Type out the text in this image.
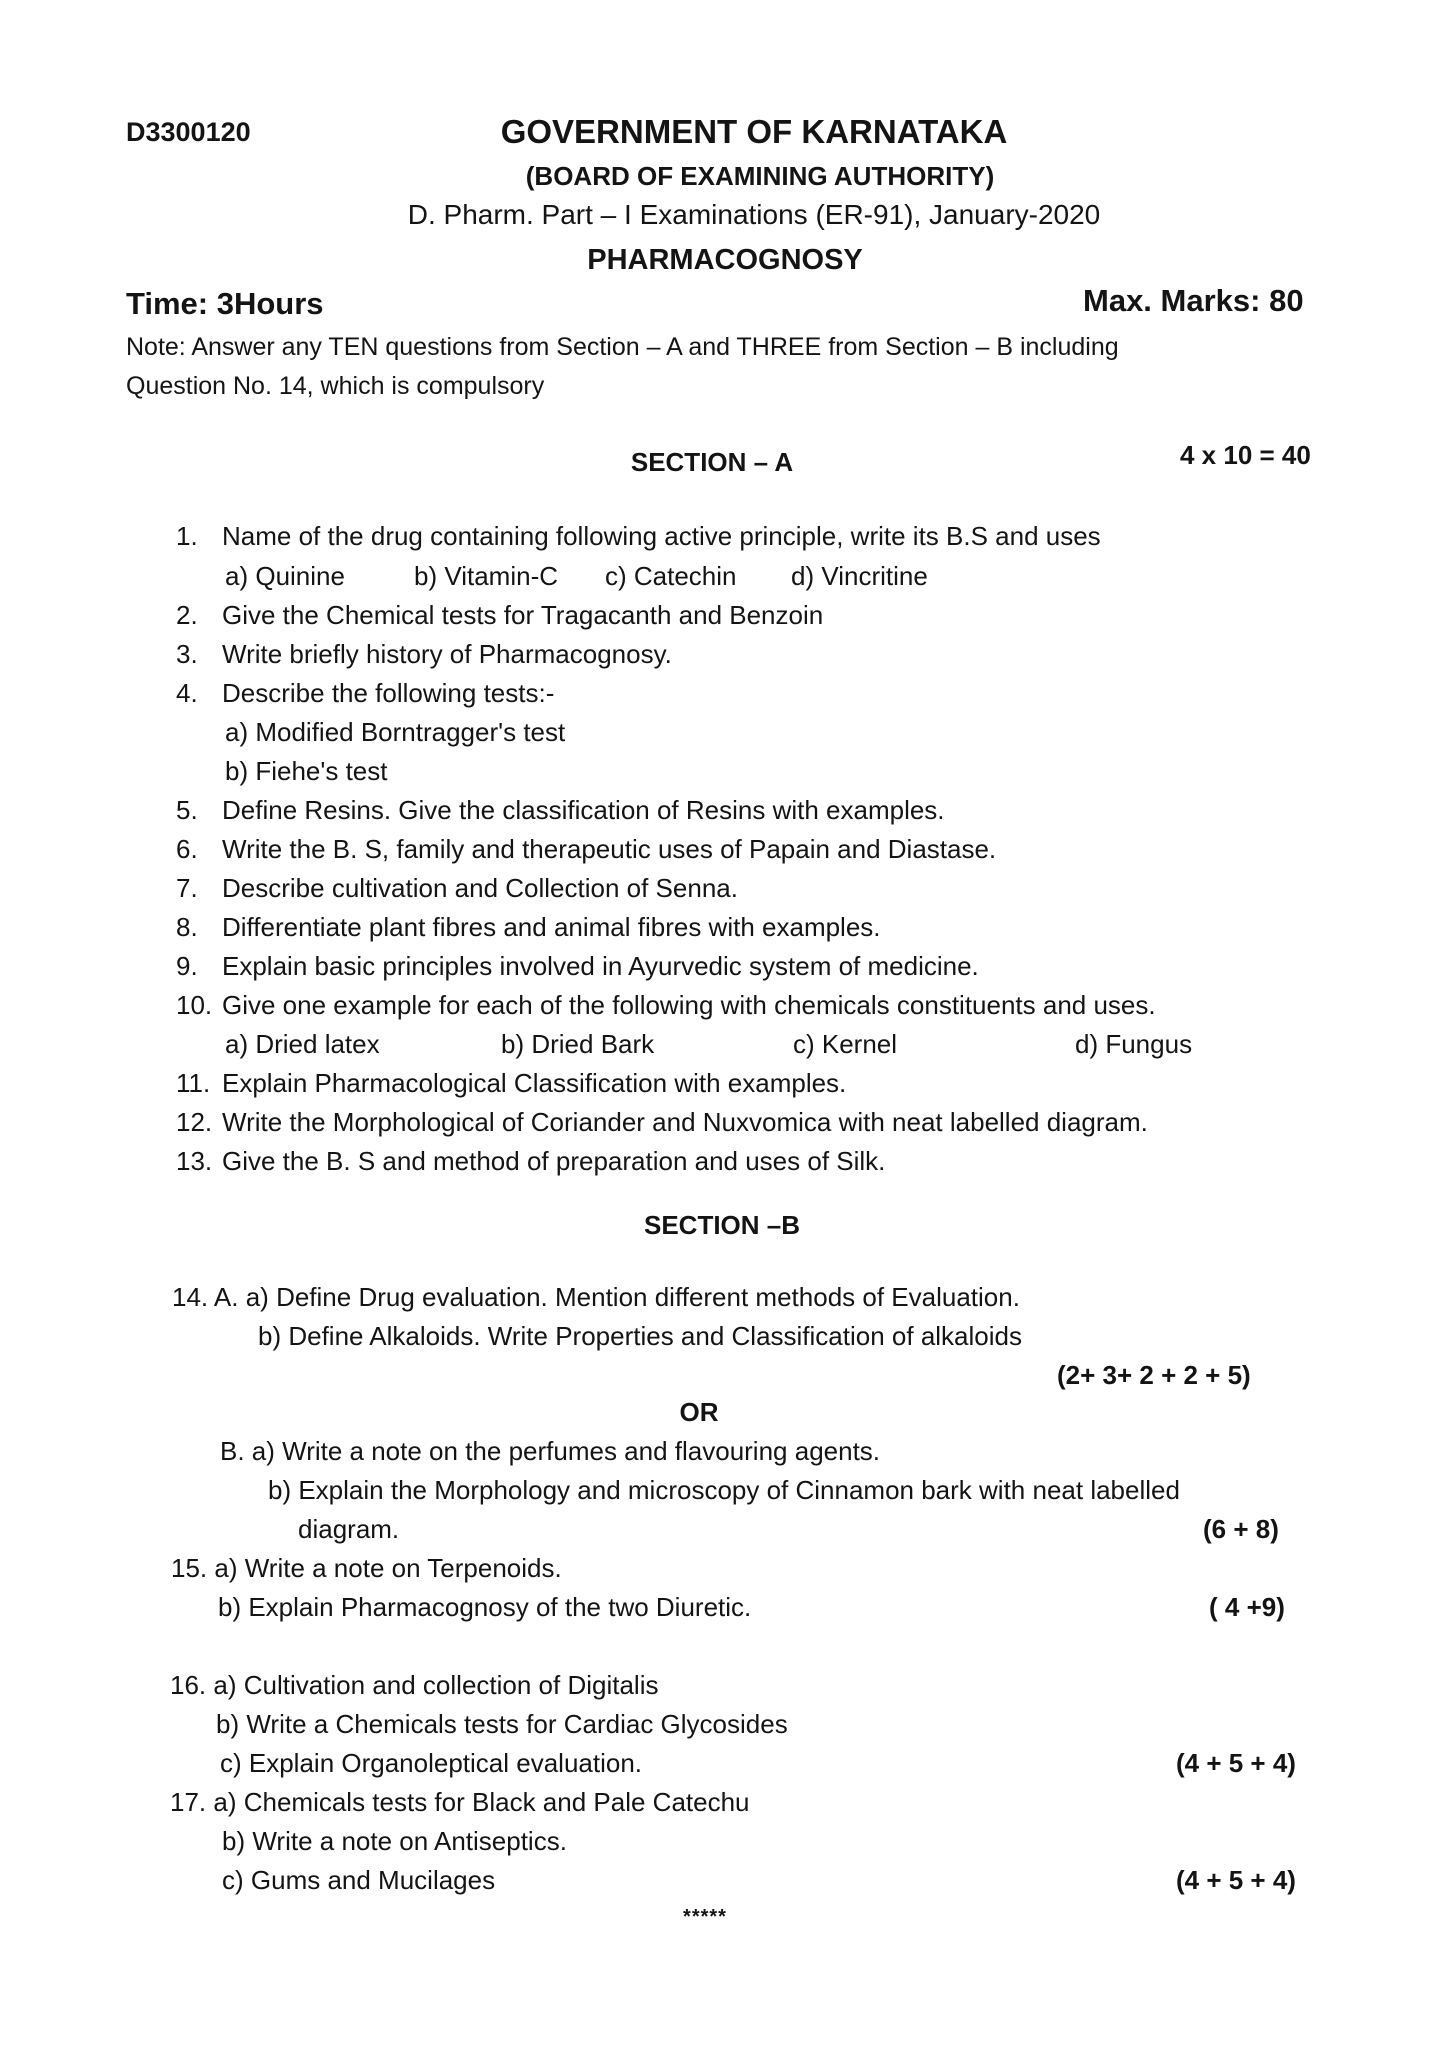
D3300120	GOVERNMENT OF KARNATAKA
(BOARD OF EXAMINING AUTHORITY)
D. Pharm. Part – I Examinations (ER-91), January-2020
PHARMACOGNOSY
Time: 3Hours	Max. Marks: 80
Note: Answer any TEN questions from Section – A and THREE from Section – B including
Question No. 14, which is compulsory
SECTION – A	4 x 10 = 40
1. Name of the drug containing following active principle, write its B.S and uses
a) Quinine	b) Vitamin-C c) Catechin d) Vincritine
2. Give the Chemical tests for Tragacanth and Benzoin
3. Write briefly history of Pharmacognosy.
4. Describe the following tests:-
a) Modified Borntragger's test
b) Fiehe's test
5. Define Resins. Give the classification of Resins with examples.
6. Write the B. S, family and therapeutic uses of Papain and Diastase.
7. Describe cultivation and Collection of Senna.
8. Differentiate plant fibres and animal fibres with examples.
9. Explain basic principles involved in Ayurvedic system of medicine.
10. Give one example for each of the following with chemicals constituents and uses.
a) Dried latex	b) Dried Bark	c) Kernel	d) Fungus
11. Explain Pharmacological Classification with examples.
12. Write the Morphological of Coriander and Nuxvomica with neat labelled diagram.
13. Give the B. S and method of preparation and uses of Silk.
SECTION –B
14. A. a) Define Drug evaluation. Mention different methods of Evaluation.
b) Define Alkaloids. Write Properties and Classification of alkaloids
(2+ 3+ 2 + 2 + 5)
OR
B. a) Write a note on the perfumes and flavouring agents.
b) Explain the Morphology and microscopy of Cinnamon bark with neat labelled
diagram.	(6 + 8)
15. a) Write a note on Terpenoids.
b) Explain Pharmacognosy of the two Diuretic.	( 4 +9)
16. a) Cultivation and collection of Digitalis
b) Write a Chemicals tests for Cardiac Glycosides
c) Explain Organoleptical evaluation.	(4 + 5 + 4)
17. a) Chemicals tests for Black and Pale Catechu
b) Write a note on Antiseptics.
c) Gums and Mucilages	(4 + 5 + 4)
*****
